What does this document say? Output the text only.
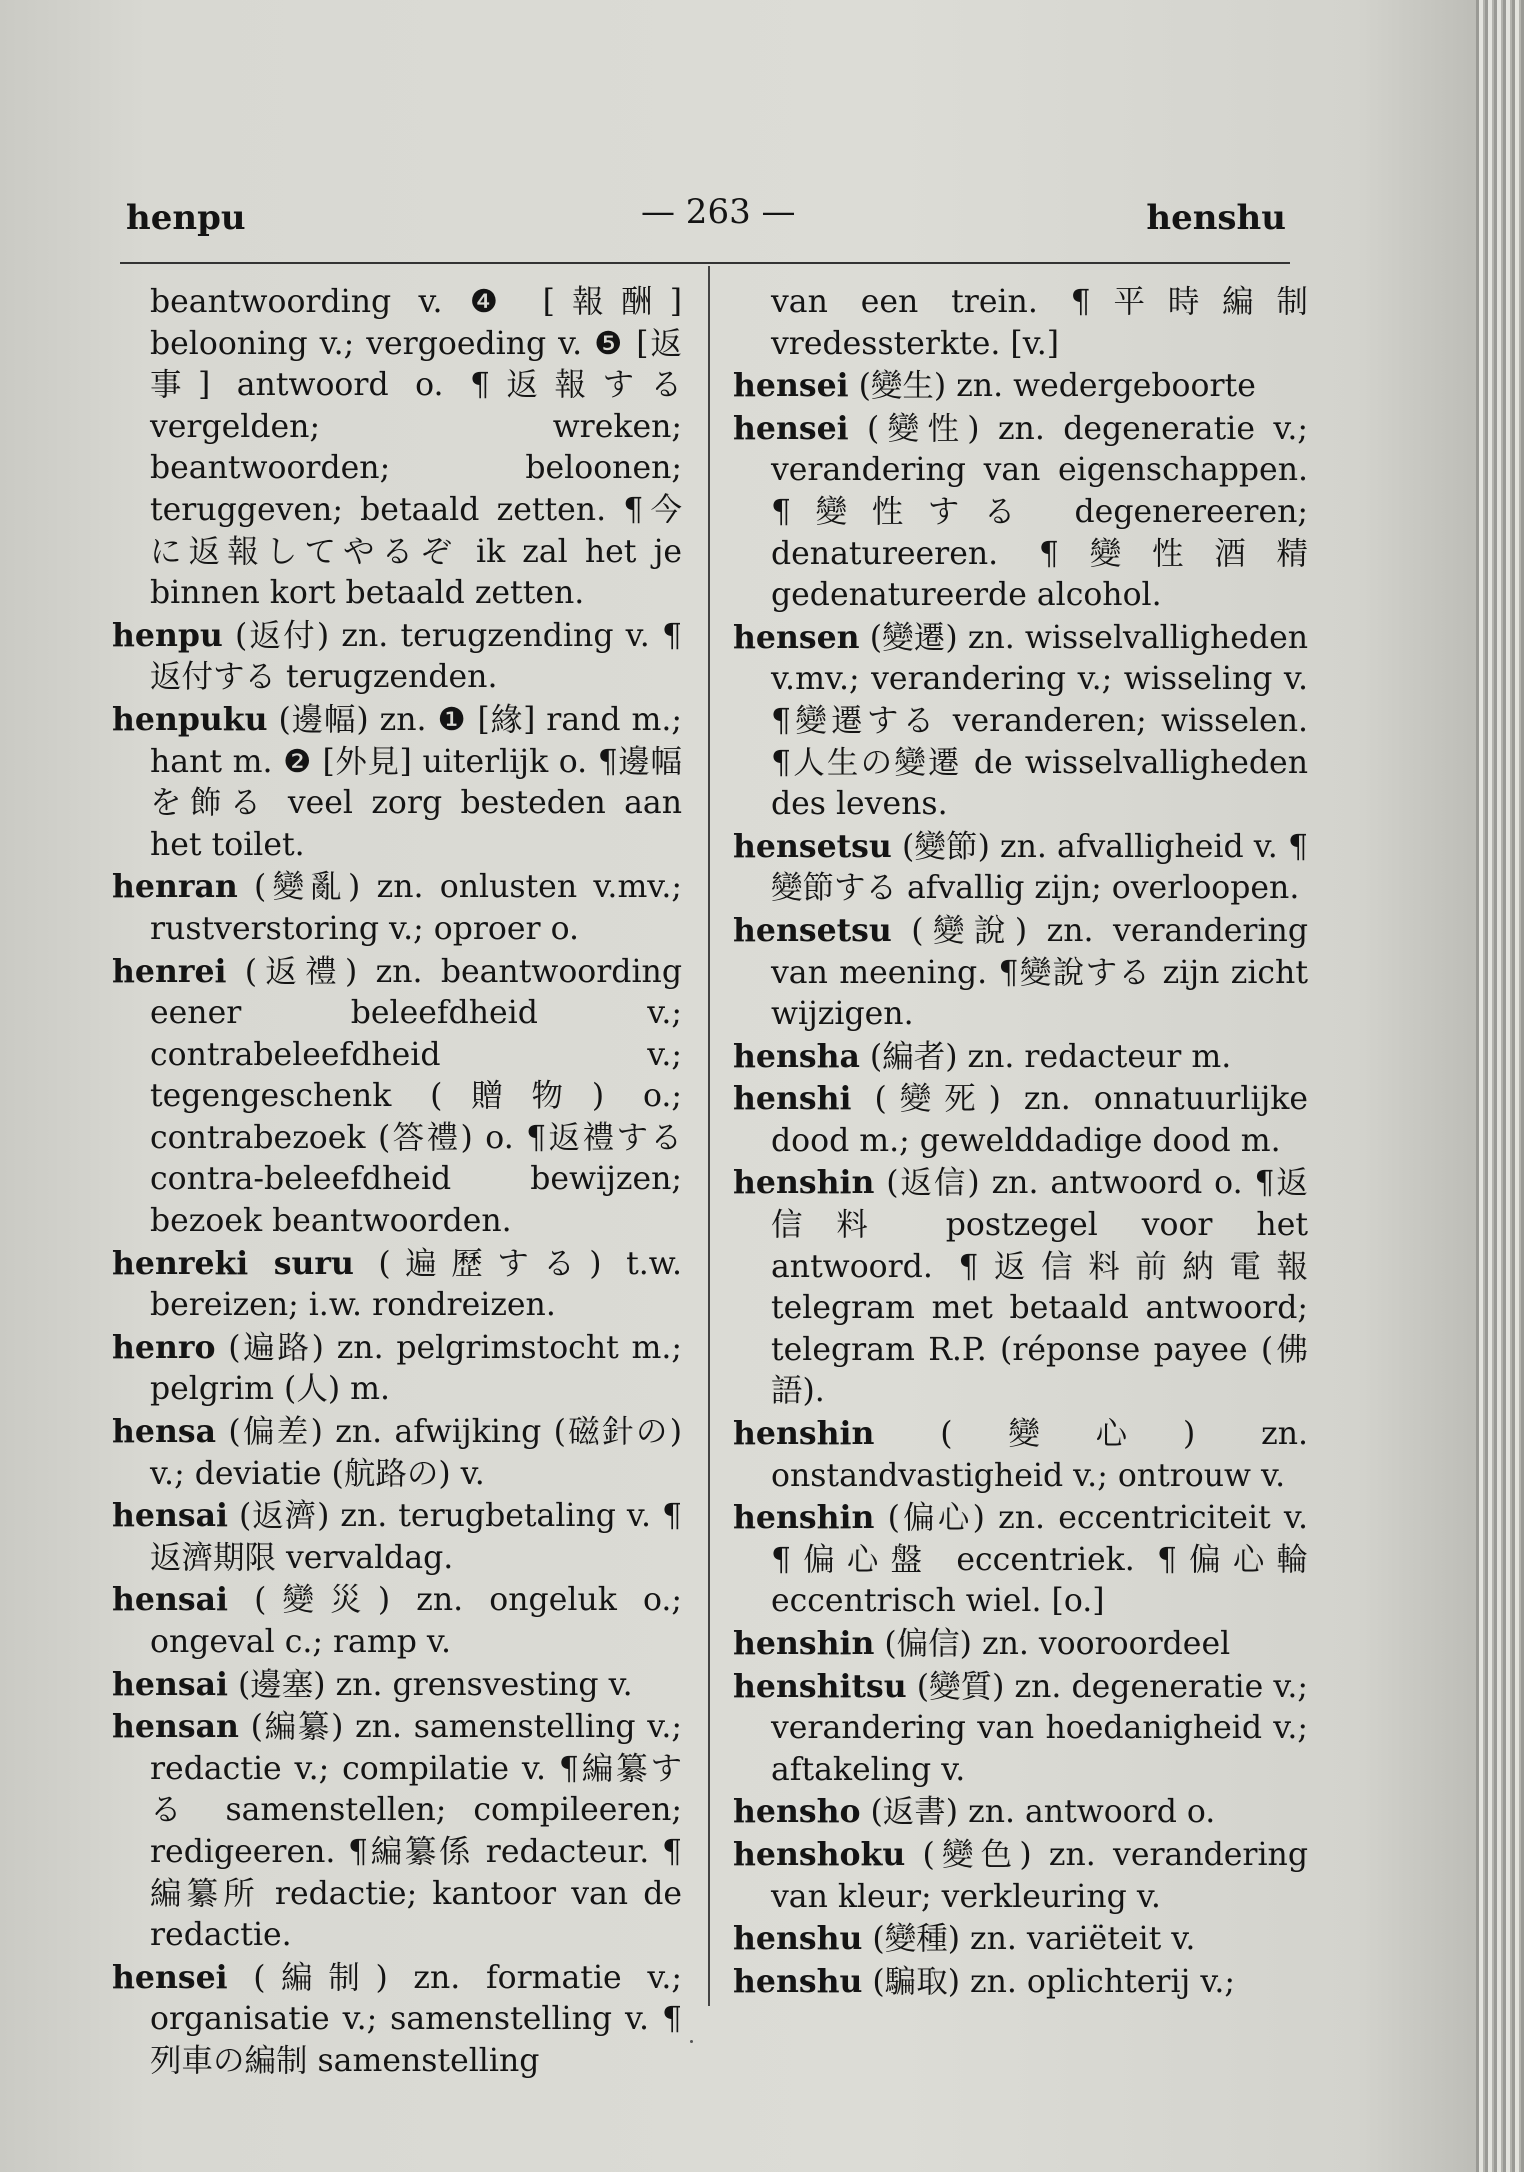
henpu	— 263 —	henshu

beantwoording v. ❹ [報酬] belooning v.; vergoeding v. ❺ [返事] antwoord o. ¶返報する vergelden; wreken; beantwoorden; beloonen; teruggeven; betaald zetten. ¶今に返報してやるぞ ik zal het je binnen kort betaald zetten.

henpu (返付) zn. terugzending v. ¶返付する terugzenden.

henpuku (邊幅) zn. ❶ [緣] rand m.; hant m. ❷ [外見] uiterlijk o. ¶邊幅を飾る veel zorg besteden aan het toilet.

henran (變亂) zn. onlusten v.mv.; rustverstoring v.; oproer o.

henrei (返禮) zn. beantwoording eener beleefdheid v.; contrabeleefdheid v.; tegengeschenk (贈物) o.; contrabezoek (答禮) o. ¶返禮する contra-beleefdheid bewijzen; bezoek beantwoorden.

henreki suru (遍歷する) t.w. bereizen; i.w. rondreizen.

henro (遍路) zn. pelgrimstocht m.; pelgrim (人) m.

hensa (偏差) zn. afwijking (磁針の) v.; deviatie (航路の) v.

hensai (返濟) zn. terugbetaling v. ¶返濟期限 vervaldag.

hensai (變災) zn. ongeluk o.; ongeval c.; ramp v.

hensai (邊塞) zn. grensvesting v.

hensan (編纂) zn. samenstelling v.; redactie v.; compilatie v. ¶編纂する samenstellen; compileeren; redigeeren. ¶編纂係 redacteur. ¶編纂所 redactie; kantoor van de redactie.

hensei (編制) zn. formatie v.; organisatie v.; samenstelling v. ¶列車の編制 samenstelling

van een trein. ¶平時編制 vredessterkte. [v.]

hensei (變生) zn. wedergeboorte

hensei (變性) zn. degeneratie v.; verandering van eigenschappen. ¶變性する degenereeren; denatureeren. ¶變性酒精 gedenatureerde alcohol.

hensen (變遷) zn. wisselvalligheden v.mv.; verandering v.; wisseling v. ¶變遷する veranderen; wisselen. ¶人生の變遷 de wisselvalligheden des levens.

hensetsu (變節) zn. afvalligheid v. ¶變節する afvallig zijn; overloopen.

hensetsu (變說) zn. verandering van meening. ¶變說する zijn zicht wijzigen.

hensha (編者) zn. redacteur m.

henshi (變死) zn. onnatuurlijke dood m.; gewelddadige dood m.

henshin (返信) zn. antwoord o. ¶返信料 postzegel voor het antwoord. ¶返信料前納電報 telegram met betaald antwoord; telegram R.P. (réponse payee (佛語).

henshin (變心) zn. onstandvastigheid v.; ontrouw v.

henshin (偏心) zn. eccentriciteit v. ¶偏心盤 eccentriek. ¶偏心輪 eccentrisch wiel. [o.]

henshin (偏信) zn. vooroordeel

henshitsu (變質) zn. degeneratie v.; verandering van hoedanigheid v.; aftakeling v.

hensho (返書) zn. antwoord o.

henshoku (變色) zn. verandering van kleur; verkleuring v.

henshu (變種) zn. variëteit v.

henshu (騙取) zn. oplichterij v.;
